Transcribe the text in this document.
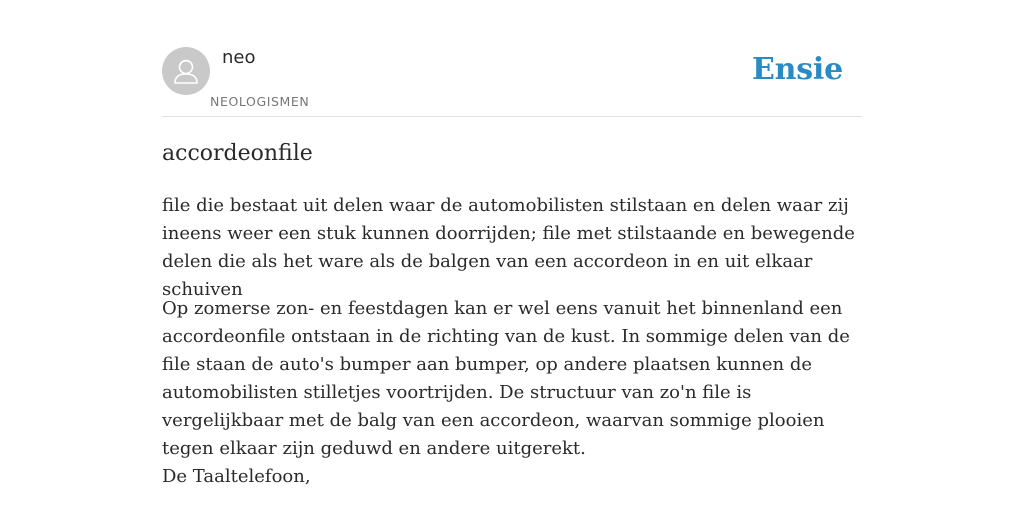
neo
NEOLOGISMEN
Ensie
accordeonfile

file die bestaat uit delen waar de automobilisten stilstaan en delen waar zij ineens weer een stuk kunnen doorrijden; file met stilstaande en bewegende delen die als het ware als de balgen van een accordeon in en uit elkaar schuiven

Op zomerse zon- en feestdagen kan er wel eens vanuit het binnenland een accordeonfile ontstaan in de richting van de kust. In sommige delen van de file staan de auto's bumper aan bumper, op andere plaatsen kunnen de automobilisten stilletjes voortrijden. De structuur van zo'n file is vergelijkbaar met de balg van een accordeon, waarvan sommige plooien tegen elkaar zijn geduwd en andere uitgerekt.

De Taaltelefoon,
